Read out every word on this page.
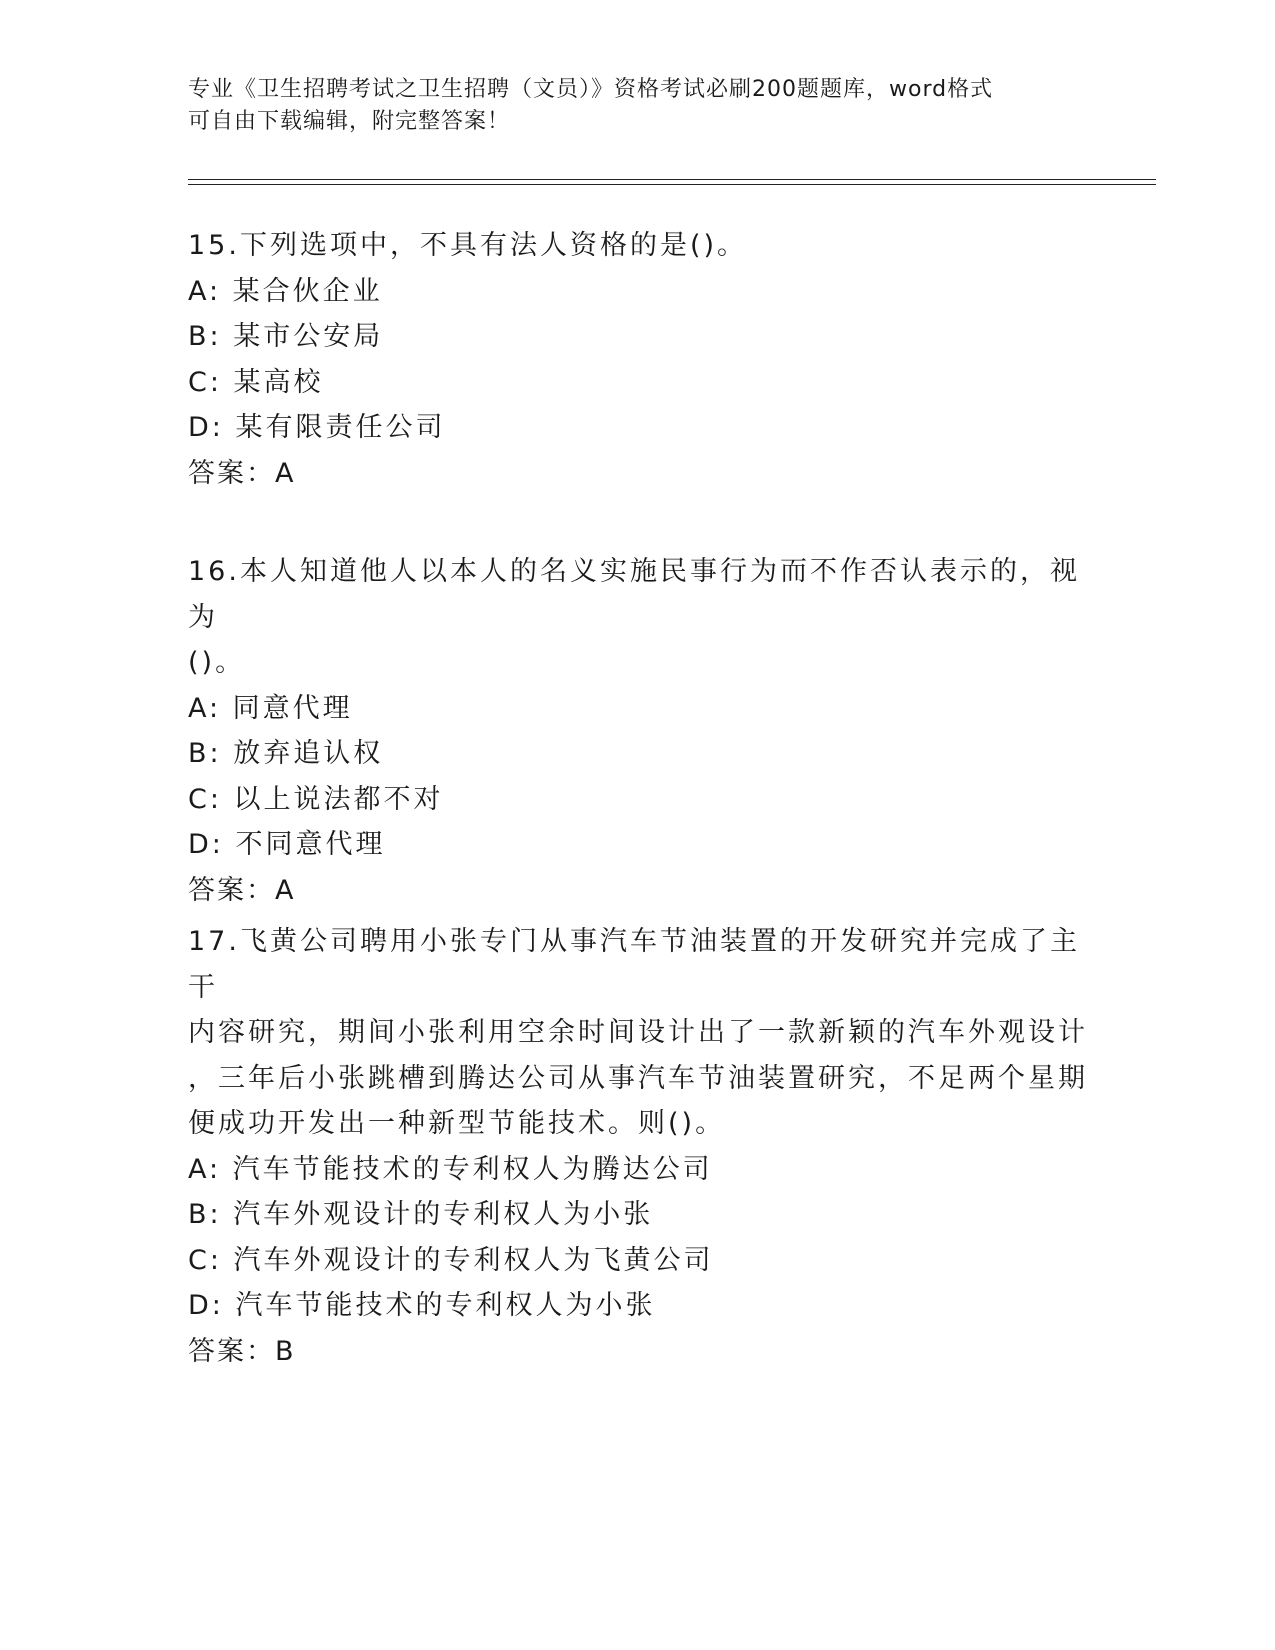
专业《卫生招聘考试之卫生招聘（文员）》资格考试必刷200题题库，word格式
可自由下载编辑，附完整答案！
15.下列选项中，不具有法人资格的是()。
A: 某合伙企业
B: 某市公安局
C: 某高校
D: 某有限责任公司
答案：A
16.本人知道他人以本人的名义实施民事行为而不作否认表示的，视为
()。
A: 同意代理
B: 放弃追认权
C: 以上说法都不对
D: 不同意代理
答案：A
17.飞黄公司聘用小张专门从事汽车节油装置的开发研究并完成了主干
内容研究，期间小张利用空余时间设计出了一款新颖的汽车外观设计
，三年后小张跳槽到腾达公司从事汽车节油装置研究，不足两个星期
便成功开发出一种新型节能技术。则()。
A: 汽车节能技术的专利权人为腾达公司
B: 汽车外观设计的专利权人为小张
C: 汽车外观设计的专利权人为飞黄公司
D: 汽车节能技术的专利权人为小张
答案：B
